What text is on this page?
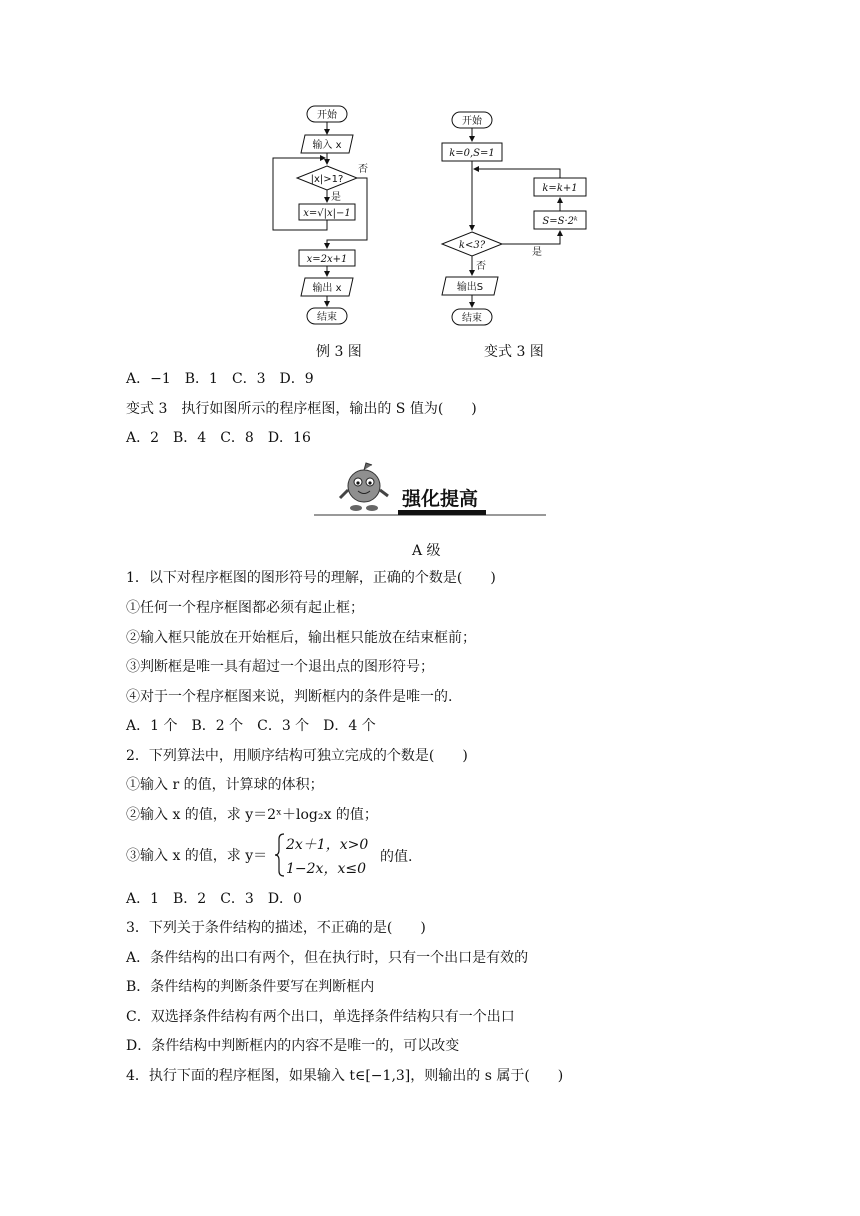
开始
输入 x
|x|>1?
否
是
x=√|x|−1
x=2x+1
输出 x
结束
例 3 图
开始
k=0,S=1
k=k+1
S=S·2ᵏ
k<3?
是
否
输出S
结束
变式 3 图
A．−1　B．1　C．3　D．9
变式 3　执行如图所示的程序框图，输出的 S 值为(　　)
A．2　B．4　C．8　D．16
强化提高
A 级
1．以下对程序框图的图形符号的理解，正确的个数是(　　)
①任何一个程序框图都必须有起止框；
②输入框只能放在开始框后，输出框只能放在结束框前；
③判断框是唯一具有超过一个退出点的图形符号；
④对于一个程序框图来说，判断框内的条件是唯一的.
A．1 个　B．2 个　C．3 个　D．4 个
2．下列算法中，用顺序结构可独立完成的个数是(　　)
①输入 r 的值，计算球的体积；
②输入 x 的值，求 y＝2ˣ＋log₂x 的值；
③输入 x 的值，求 y＝
2x＋1，x>0
1−2x，x≤0
的值.
A．1　B．2　C．3　D．0
3．下列关于条件结构的描述，不正确的是(　　)
A．条件结构的出口有两个，但在执行时，只有一个出口是有效的
B．条件结构的判断条件要写在判断框内
C．双选择条件结构有两个出口，单选择条件结构只有一个出口
D．条件结构中判断框内的内容不是唯一的，可以改变
4．执行下面的程序框图，如果输入 t∈[−1,3]，则输出的 s 属于(　　)
